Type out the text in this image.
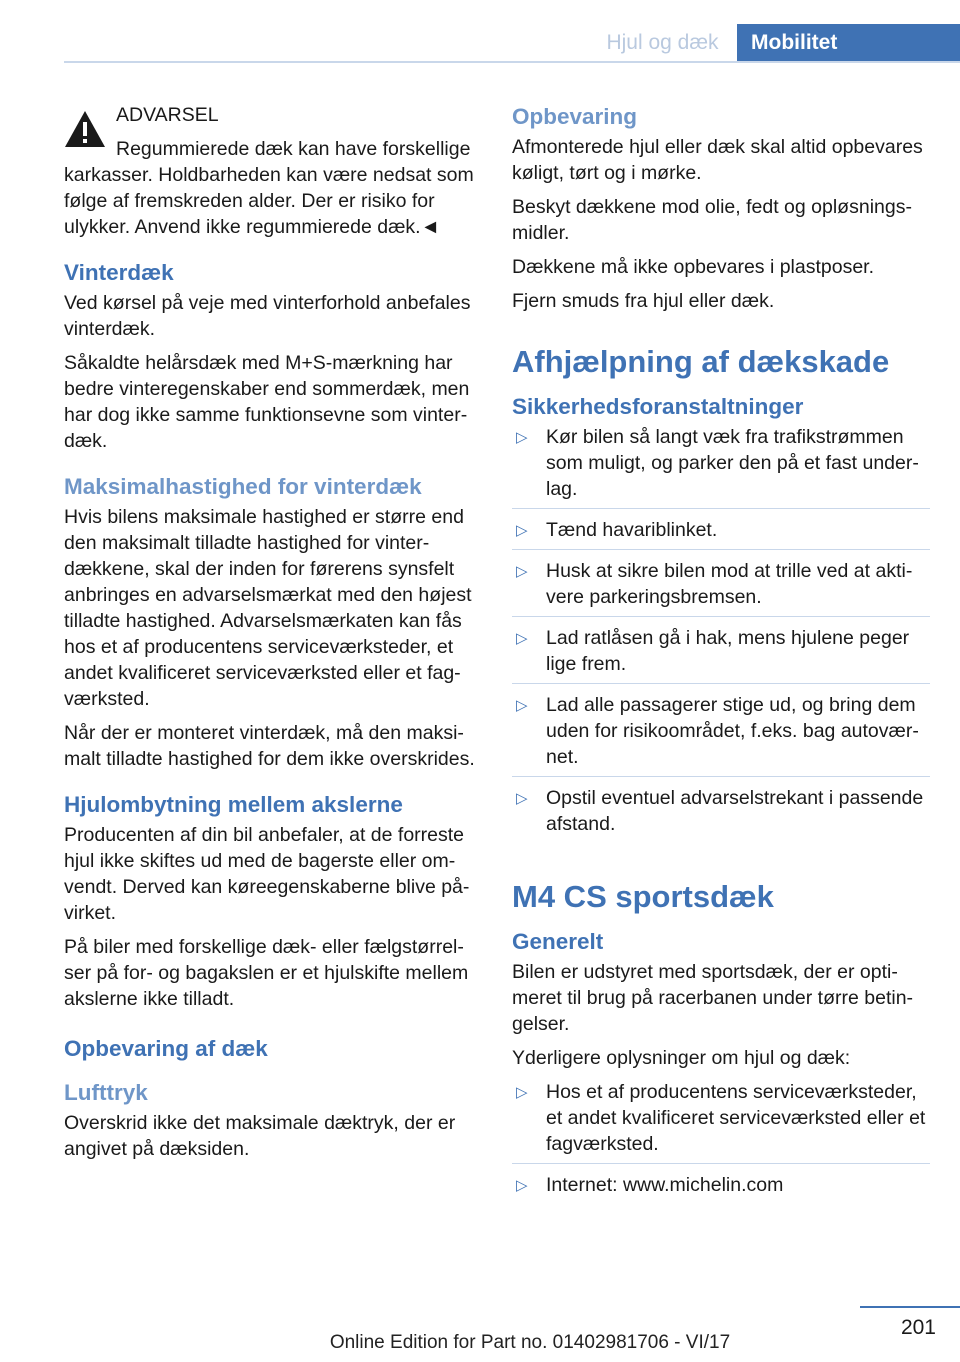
Hjul og dæk	Mobilitet

ADVARSEL

Regummierede dæk kan have forskellige karkasser. Holdbarheden kan være nedsat som følge af fremskreden alder. Der er risiko for ulykker. Anvend ikke regummierede dæk.◄

Vinterdæk

Ved kørsel på veje med vinterforhold anbefales vinterdæk.

Såkaldte helårsdæk med M+S-mærkning har bedre vinteregenskaber end sommerdæk, men har dog ikke samme funktionsevne som vinterdæk.

Maksimalhastighed for vinterdæk

Hvis bilens maksimale hastighed er større end den maksimalt tilladte hastighed for vinterdækkene, skal der inden for førerens synsfelt anbringes en advarselsmærkat med den højest tilladte hastighed. Advarselsmærkaten kan fås hos et af producentens serviceværksteder, et andet kvalificeret serviceværksted eller et fagværksted.

Når der er monteret vinterdæk, må den maksimalt tilladte hastighed for dem ikke overskrides.

Hjulombytning mellem akslerne

Producenten af din bil anbefaler, at de forreste hjul ikke skiftes ud med de bagerste eller omvendt. Derved kan køreegenskaberne blive påvirket.

På biler med forskellige dæk- eller fælgstørrelser på for- og bagakslen er et hjulskifte mellem akslerne ikke tilladt.

Opbevaring af dæk
Lufttryk

Overskrid ikke det maksimale dæktryk, der er angivet på dæksiden.

Opbevaring

Afmonterede hjul eller dæk skal altid opbevares køligt, tørt og i mørke.

Beskyt dækkene mod olie, fedt og opløsningsmidler.

Dækkene må ikke opbevares i plastposer.

Fjern smuds fra hjul eller dæk.

Afhjælpning af dækskade
Sikkerhedsforanstaltninger
▷ Kør bilen så langt væk fra trafikstrømmen som muligt, og parker den på et fast underlag.
▷ Tænd havariblinket.
▷ Husk at sikre bilen mod at trille ved at aktivere parkeringsbremsen.
▷ Lad ratlåsen gå i hak, mens hjulene peger lige frem.
▷ Lad alle passagerer stige ud, og bring dem uden for risikoområdet, f.eks. bag autoværnet.
▷ Opstil eventuel advarselstrekant i passende afstand.
M4 CS sportsdæk
Generelt

Bilen er udstyret med sportsdæk, der er optimeret til brug på racerbanen under tørre betingelser.

Yderligere oplysninger om hjul og dæk:

▷ Hos et af producentens serviceværksteder, et andet kvalificeret serviceværksted eller et fagværksted.
▷ Internet: www.michelin.com
201
Online Edition for Part no. 01402981706 - VI/17
